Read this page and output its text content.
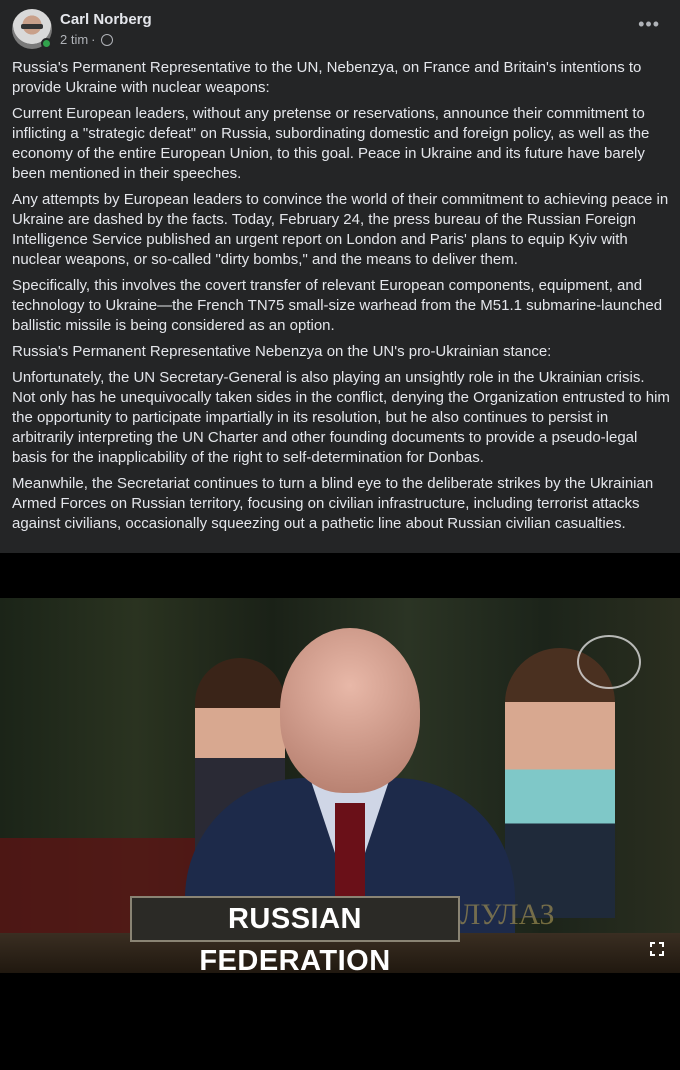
Carl Norberg
2 tim ·
•••

Russia's Permanent Representative to the UN, Nebenzya, on France and Britain's intentions to provide Ukraine with nuclear weapons:

Current European leaders, without any pretense or reservations, announce their commitment to inflicting a "strategic defeat" on Russia, subordinating domestic and foreign policy, as well as the economy of the entire European Union, to this goal. Peace in Ukraine and its future have barely been mentioned in their speeches.

Any attempts by European leaders to convince the world of their commitment to achieving peace in Ukraine are dashed by the facts. Today, February 24, the press bureau of the Russian Foreign Intelligence Service published an urgent report on London and Paris' plans to equip Kyiv with nuclear weapons, or so-called "dirty bombs," and the means to deliver them.

Specifically, this involves the covert transfer of relevant European components, equipment, and technology to Ukraine—the French TN75 small-size warhead from the M51.1 submarine-launched ballistic missile is being considered as an option.

Russia's Permanent Representative Nebenzya on the UN's pro-Ukrainian stance:

Unfortunately, the UN Secretary-General is also playing an unsightly role in the Ukrainian crisis. Not only has he unequivocally taken sides in the conflict, denying the Organization entrusted to him the opportunity to participate impartially in its resolution, but he also continues to persist in arbitrarily interpreting the UN Charter and other founding documents to provide a pseudo-legal basis for the inapplicability of the right to self-determination for Donbas.

Meanwhile, the Secretariat continues to turn a blind eye to the deliberate strikes by the Ukrainian Armed Forces on Russian territory, focusing on civilian infrastructure, including terrorist attacks against civilians, occasionally squeezing out a pathetic line about Russian civilian casualties.

RUSSIAN FEDERATION
ЛУЛАЗ
